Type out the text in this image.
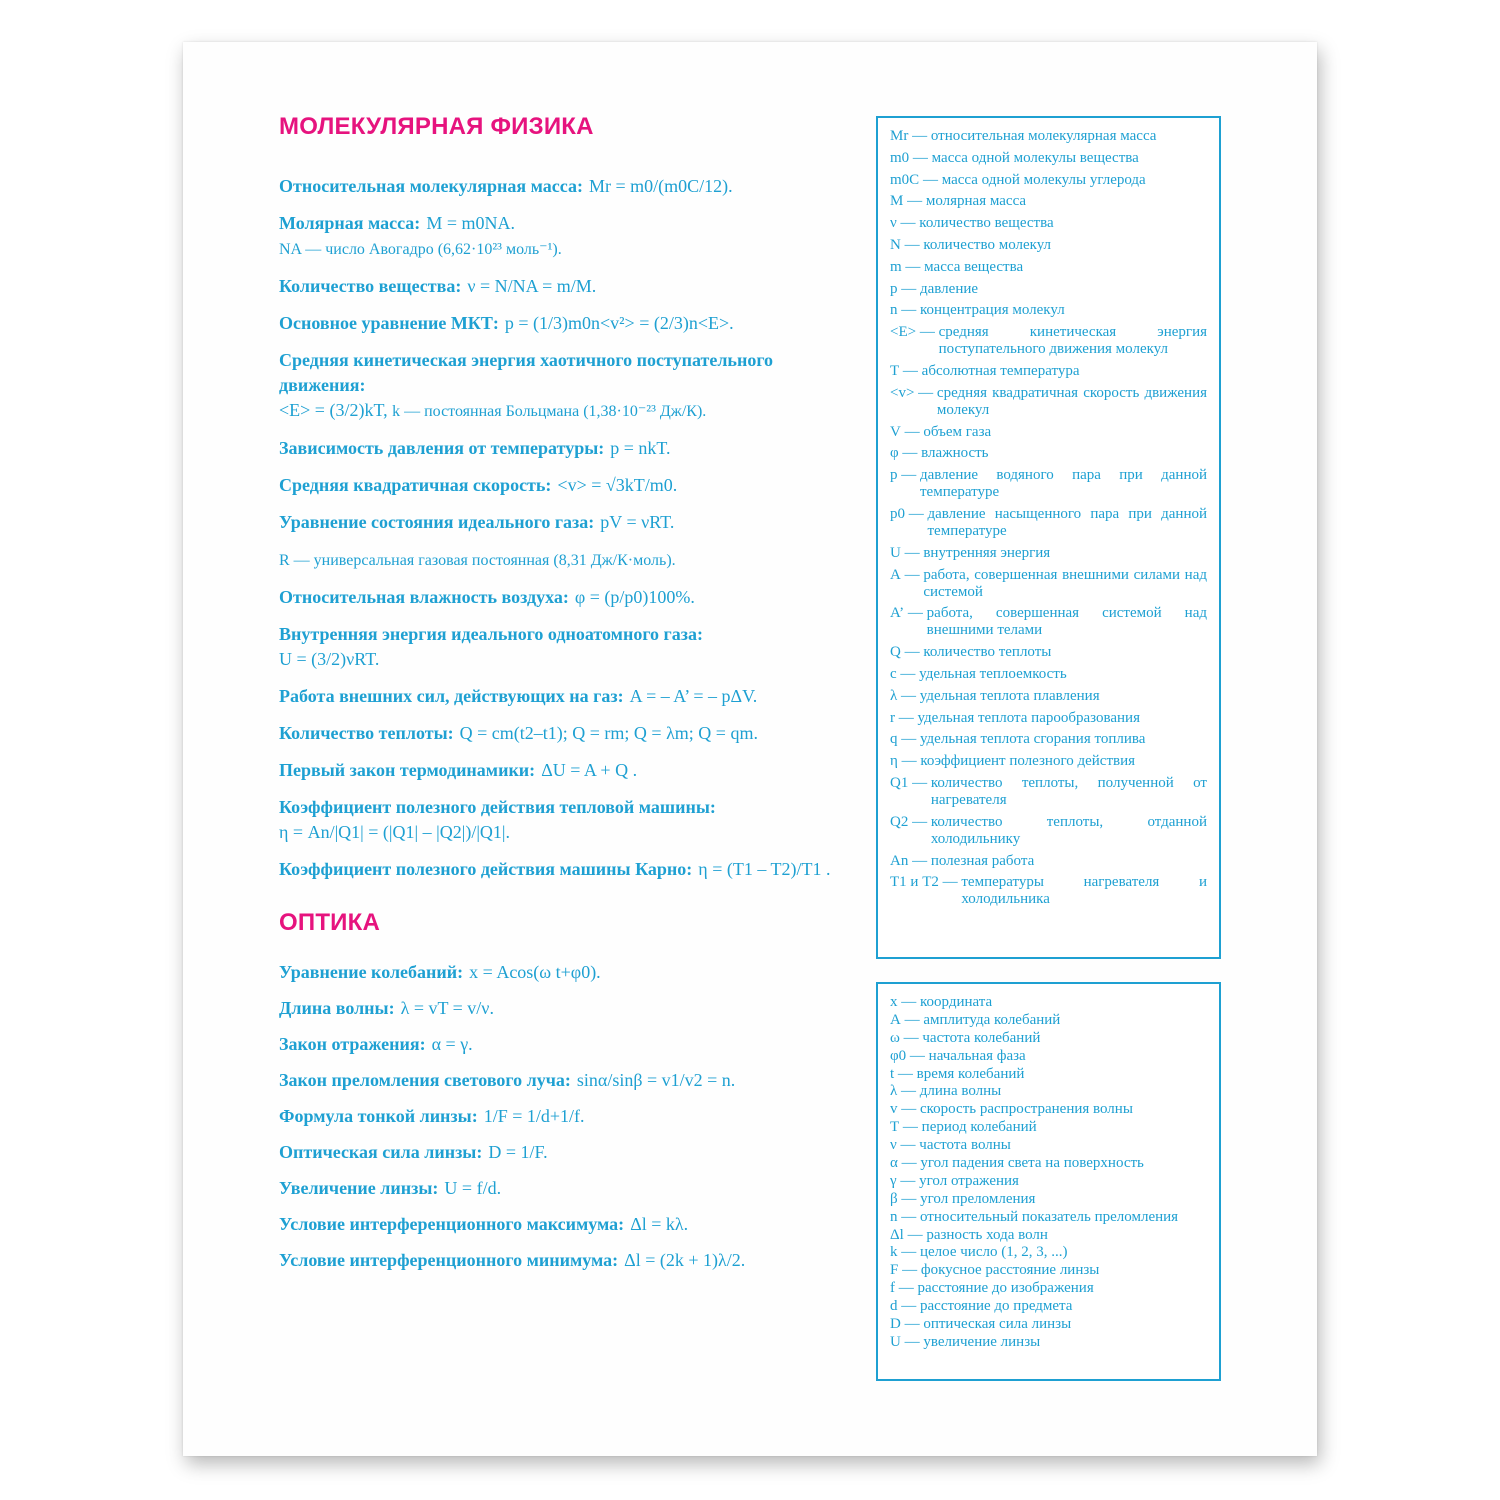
МОЛЕКУЛЯРНАЯ ФИЗИКА

Относительная молекулярная масса: Mr = m0/(m0C/12).

Молярная масса: M = m0NA.
NA — число Авогадро (6,62·10²³ моль⁻¹).

Количество вещества: ν = N/NA = m/M.

Основное уравнение МКТ: p = (1/3)m0n<v²> = (2/3)n<E>.

Средняя кинетическая энергия хаотичного поступательного движения:
<E> = (3/2)kT, k — постоянная Больцмана (1,38·10⁻²³ Дж/К).

Зависимость давления от температуры: p = nkT.

Средняя квадратичная скорость: <v> = √3kT/m0.

Уравнение состояния идеального газа: pV = νRT.

R — универсальная газовая постоянная (8,31 Дж/К·моль).

Относительная влажность воздуха: φ = (p/p0)100%.

Внутренняя энергия идеального одноатомного газа:
U = (3/2)νRT.

Работа внешних сил, действующих на газ: A = – A’ = – pΔV.

Количество теплоты: Q = cm(t2–t1); Q = rm; Q = λm; Q = qm.

Первый закон термодинамики: ΔU = A + Q .

Коэффициент полезного действия тепловой машины:
η = An/|Q1| = (|Q1| – |Q2|)/|Q1|.

Коэффициент полезного действия машины Карно: η = (T1 – T2)/T1 .

ОПТИКА

Уравнение колебаний: x = Acos(ω t+φ0).

Длина волны: λ = vT = v/ν.

Закон отражения: α = γ.

Закон преломления светового луча: sinα/sinβ = v1/v2 = n.

Формула тонкой линзы: 1/F = 1/d+1/f.

Оптическая сила линзы: D = 1/F.

Увеличение линзы: U = f/d.

Условие интерференционного максимума: Δl = kλ.

Условие интерференционного минимума: Δl = (2k + 1)λ/2.

Mr — относительная молекулярная масса
m0 — масса одной молекулы вещества
m0C — масса одной молекулы углерода
M — молярная масса
ν — количество вещества
N — количество молекул
m — масса вещества
p — давление
n — концентрация молекул
<E> — средняя кинетическая энергия поступательного движения молекул
T — абсолютная температура
<v> — средняя квадратичная скорость движения молекул
V — объем газа
φ — влажность
p — давление водяного пара при данной температуре
p0 — давление насыщенного пара при данной температуре
U — внутренняя энергия
A — работа, совершенная внешними силами над системой
A’ — работа, совершенная системой над внешними телами
Q — количество теплоты
c — удельная теплоемкость
λ — удельная теплота плавления
r — удельная теплота парообразования
q — удельная теплота сгорания топлива
η — коэффициент полезного действия
Q1 — количество теплоты, полученной от нагревателя
Q2 — количество теплоты, отданной холодильнику
An — полезная работа
T1 и T2 — температуры нагревателя и холодильника
x — координата
A — амплитуда колебаний
ω — частота колебаний
φ0 — начальная фаза
t — время колебаний
λ — длина волны
v — скорость распространения волны
T — период колебаний
ν — частота волны
α — угол падения света на поверхность
γ — угол отражения
β — угол преломления
n — относительный показатель преломления
Δl — разность хода волн
k — целое число (1, 2, 3, ...)
F — фокусное расстояние линзы
f — расстояние до изображения
d — расстояние до предмета
D — оптическая сила линзы
U — увеличение линзы
